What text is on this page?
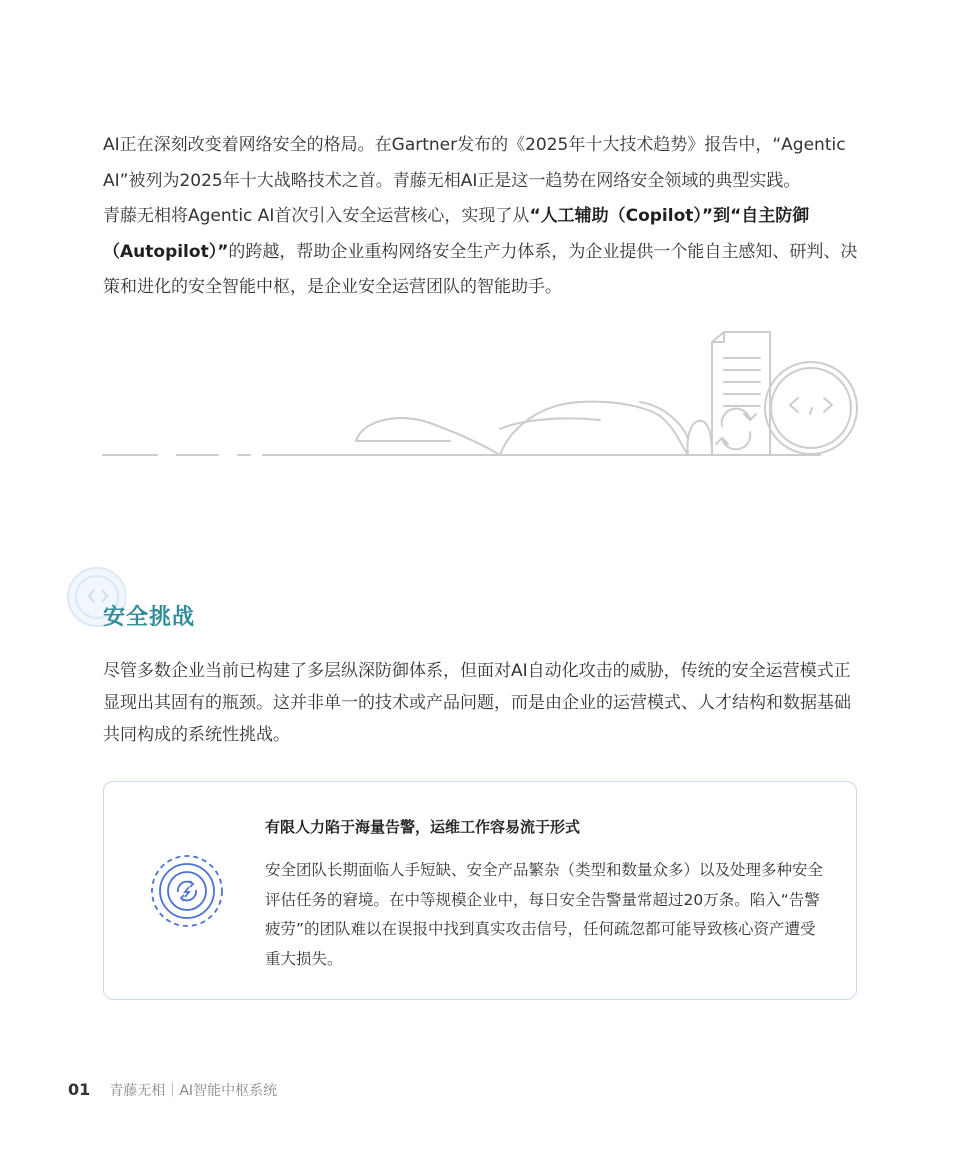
AI正在深刻改变着网络安全的格局。在Gartner发布的《2025年十大技术趋势》报告中，“Agentic AI”被列为2025年十大战略技术之首。青藤无相AI正是这一趋势在网络安全领域的典型实践。

青藤无相将Agentic AI首次引入安全运营核心，实现了从“人工辅助（Copilot）”到“自主防御（Autopilot）”的跨越，帮助企业重构网络安全生产力体系，为企业提供一个能自主感知、研判、决策和进化的安全智能中枢，是企业安全运营团队的智能助手。

安全挑战

尽管多数企业当前已构建了多层纵深防御体系，但面对AI自动化攻击的威胁，传统的安全运营模式正显现出其固有的瓶颈。这并非单一的技术或产品问题，而是由企业的运营模式、人才结构和数据基础共同构成的系统性挑战。

有限人力陷于海量告警，运维工作容易流于形式

安全团队长期面临人手短缺、安全产品繁杂（类型和数量众多）以及处理多种安全评估任务的窘境。在中等规模企业中，每日安全告警量常超过20万条。陷入“告警疲劳”的团队难以在误报中找到真实攻击信号，任何疏忽都可能导致核心资产遭受重大损失。

01 青藤无相｜AI智能中枢系统
